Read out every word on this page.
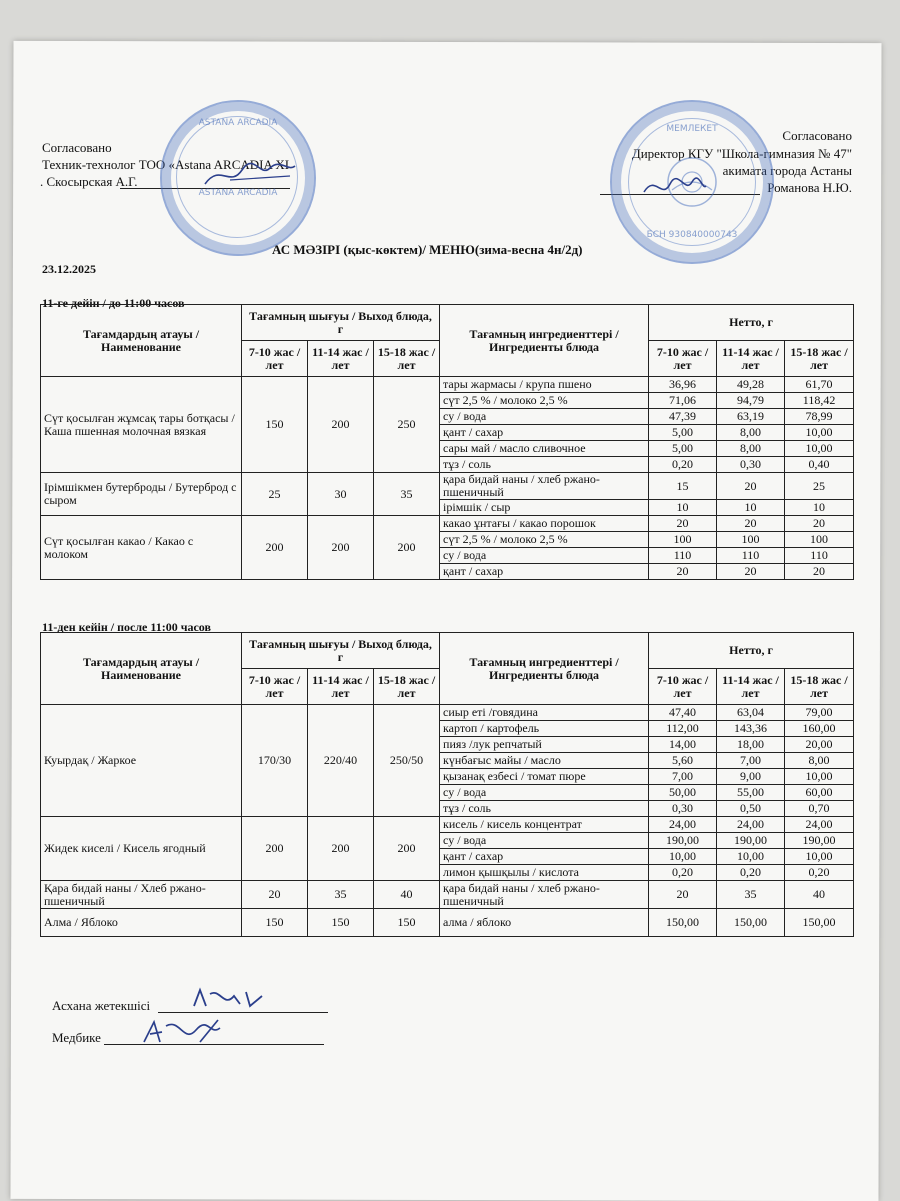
Согласовано
Техник-технолог ТОО «Astana ARCADIA XI
. Скосырская А.Г.
ASTANA ARCADIA
ASTANA ARCADIA
Согласовано
Директор КГУ "Школа-гимназия № 47"
акимата города Астаны
Романова Н.Ю.
МЕМЛЕКЕТ
БСН 930840000743
АС МӘЗІРІ (қыс-көктем)/ МЕНЮ(зима-весна 4н/2д)
23.12.2025
11-ге дейін / до 11:00 часов
Тағамдардың атауы / Наименование	Тағамның шығуы / Выход блюда, г			Тағамның ингредиенттері / Ингредиенты блюда	Нетто, г		
	7-10 жас / лет	11-14 жас / лет	15-18 жас / лет		7-10 жас / лет	11-14 жас / лет	15-18 жас / лет
Сүт қосылған жұмсақ тары ботқасы / Каша пшенная молочная вязкая	150	200	250	тары жармасы / крупа пшено	36,96	49,28	61,70
				сүт 2,5 % / молоко 2,5 %	71,06	94,79	118,42
				су / вода	47,39	63,19	78,99
				қант / сахар	5,00	8,00	10,00
				сары май / масло сливочное	5,00	8,00	10,00
				тұз / соль	0,20	0,30	0,40
Ірімшікмен бутерброды / Бутерброд с сыром	25	30	35	қара бидай наны / хлеб ржано-пшеничный	15	20	25
				ірімшік / сыр	10	10	10
Сүт қосылған какао / Какао с молоком	200	200	200	какао ұнтағы / какао порошок	20	20	20
				сүт 2,5 % / молоко 2,5 %	100	100	100
				су / вода	110	110	110
				қант / сахар	20	20	20
11-ден кейін / после 11:00 часов
Тағамдардың атауы / Наименование	Тағамның шығуы / Выход блюда, г			Тағамның ингредиенттері / Ингредиенты блюда	Нетто, г		
	7-10 жас / лет	11-14 жас / лет	15-18 жас / лет		7-10 жас / лет	11-14 жас / лет	15-18 жас / лет
Куырдақ / Жаркое	170/30	220/40	250/50	сиыр еті /говядина	47,40	63,04	79,00
				картоп / картофель	112,00	143,36	160,00
				пияз /лук репчатый	14,00	18,00	20,00
				күнбағыс майы / масло	5,60	7,00	8,00
				қызанақ езбесі / томат пюре	7,00	9,00	10,00
				су / вода	50,00	55,00	60,00
				тұз / соль	0,30	0,50	0,70
Жидек киселі / Кисель ягодный	200	200	200	кисель / кисель концентрат	24,00	24,00	24,00
				су / вода	190,00	190,00	190,00
				қант / сахар	10,00	10,00	10,00
				лимон қышқылы / кислота	0,20	0,20	0,20
Қара бидай наны / Хлеб ржано-пшеничный	20	35	40	қара бидай наны / хлеб ржано-пшеничный	20	35	40
Алма / Яблоко	150	150	150	алма / яблоко	150,00	150,00	150,00
Асхана жетекшісі
Медбике
